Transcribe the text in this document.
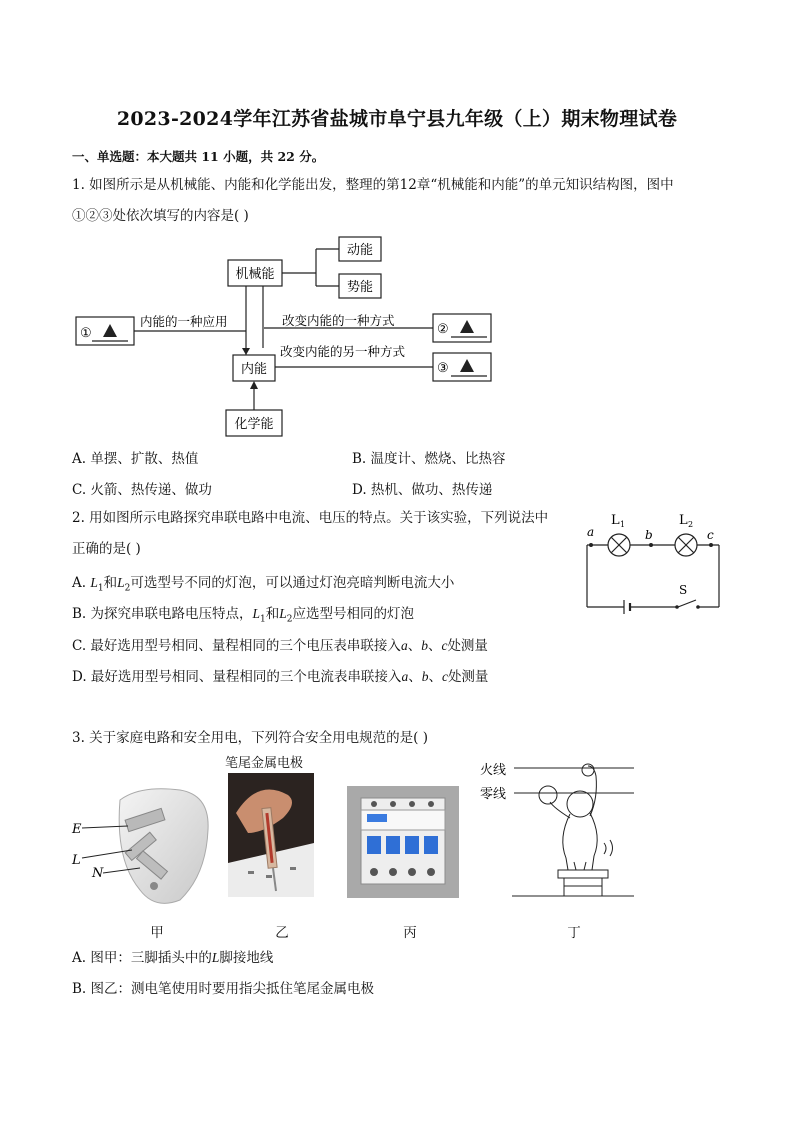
2023-2024学年江苏省盐城市阜宁县九年级（上）期末物理试卷
一、单选题：本大题共 11 小题，共 22 分。
1. 如图所示是从机械能、内能和化学能出发，整理的第12章“机械能和内能”的单元知识结构图，图中
①②③处依次填写的内容是( )
机械能
动能
势能
内能
化学能
内能的一种应用	改变内能的一种方式
改变内能的另一种方式
①	②
③
A. 单摆、扩散、热值	B. 温度计、燃烧、比热容
C. 火箭、热传递、做功	D. 热机、做功、热传递
2. 用如图所示电路探究串联电路中电流、电压的特点。关于该实验，下列说法中
正确的是( )
A. $L_1$和$L_2$可选型号不同的灯泡，可以通过灯泡亮暗判断电流大小
B. 为探究串联电路电压特点，$L_1$和$L_2$应选型号相同的灯泡
C. 最好选用型号相同、量程相同的三个电压表串联接入a、b、c处测量
D. 最好选用型号相同、量程相同的三个电流表串联接入a、b、c处测量
L 1	L 2
a	b	c
S
3. 关于家庭电路和安全用电，下列符合安全用电规范的是( )
笔尾金属电极
E
L
N
火线
零线
甲	乙	丙	丁
A. 图甲：三脚插头中的L脚接地线
B. 图乙：测电笔使用时要用指尖抵住笔尾金属电极
